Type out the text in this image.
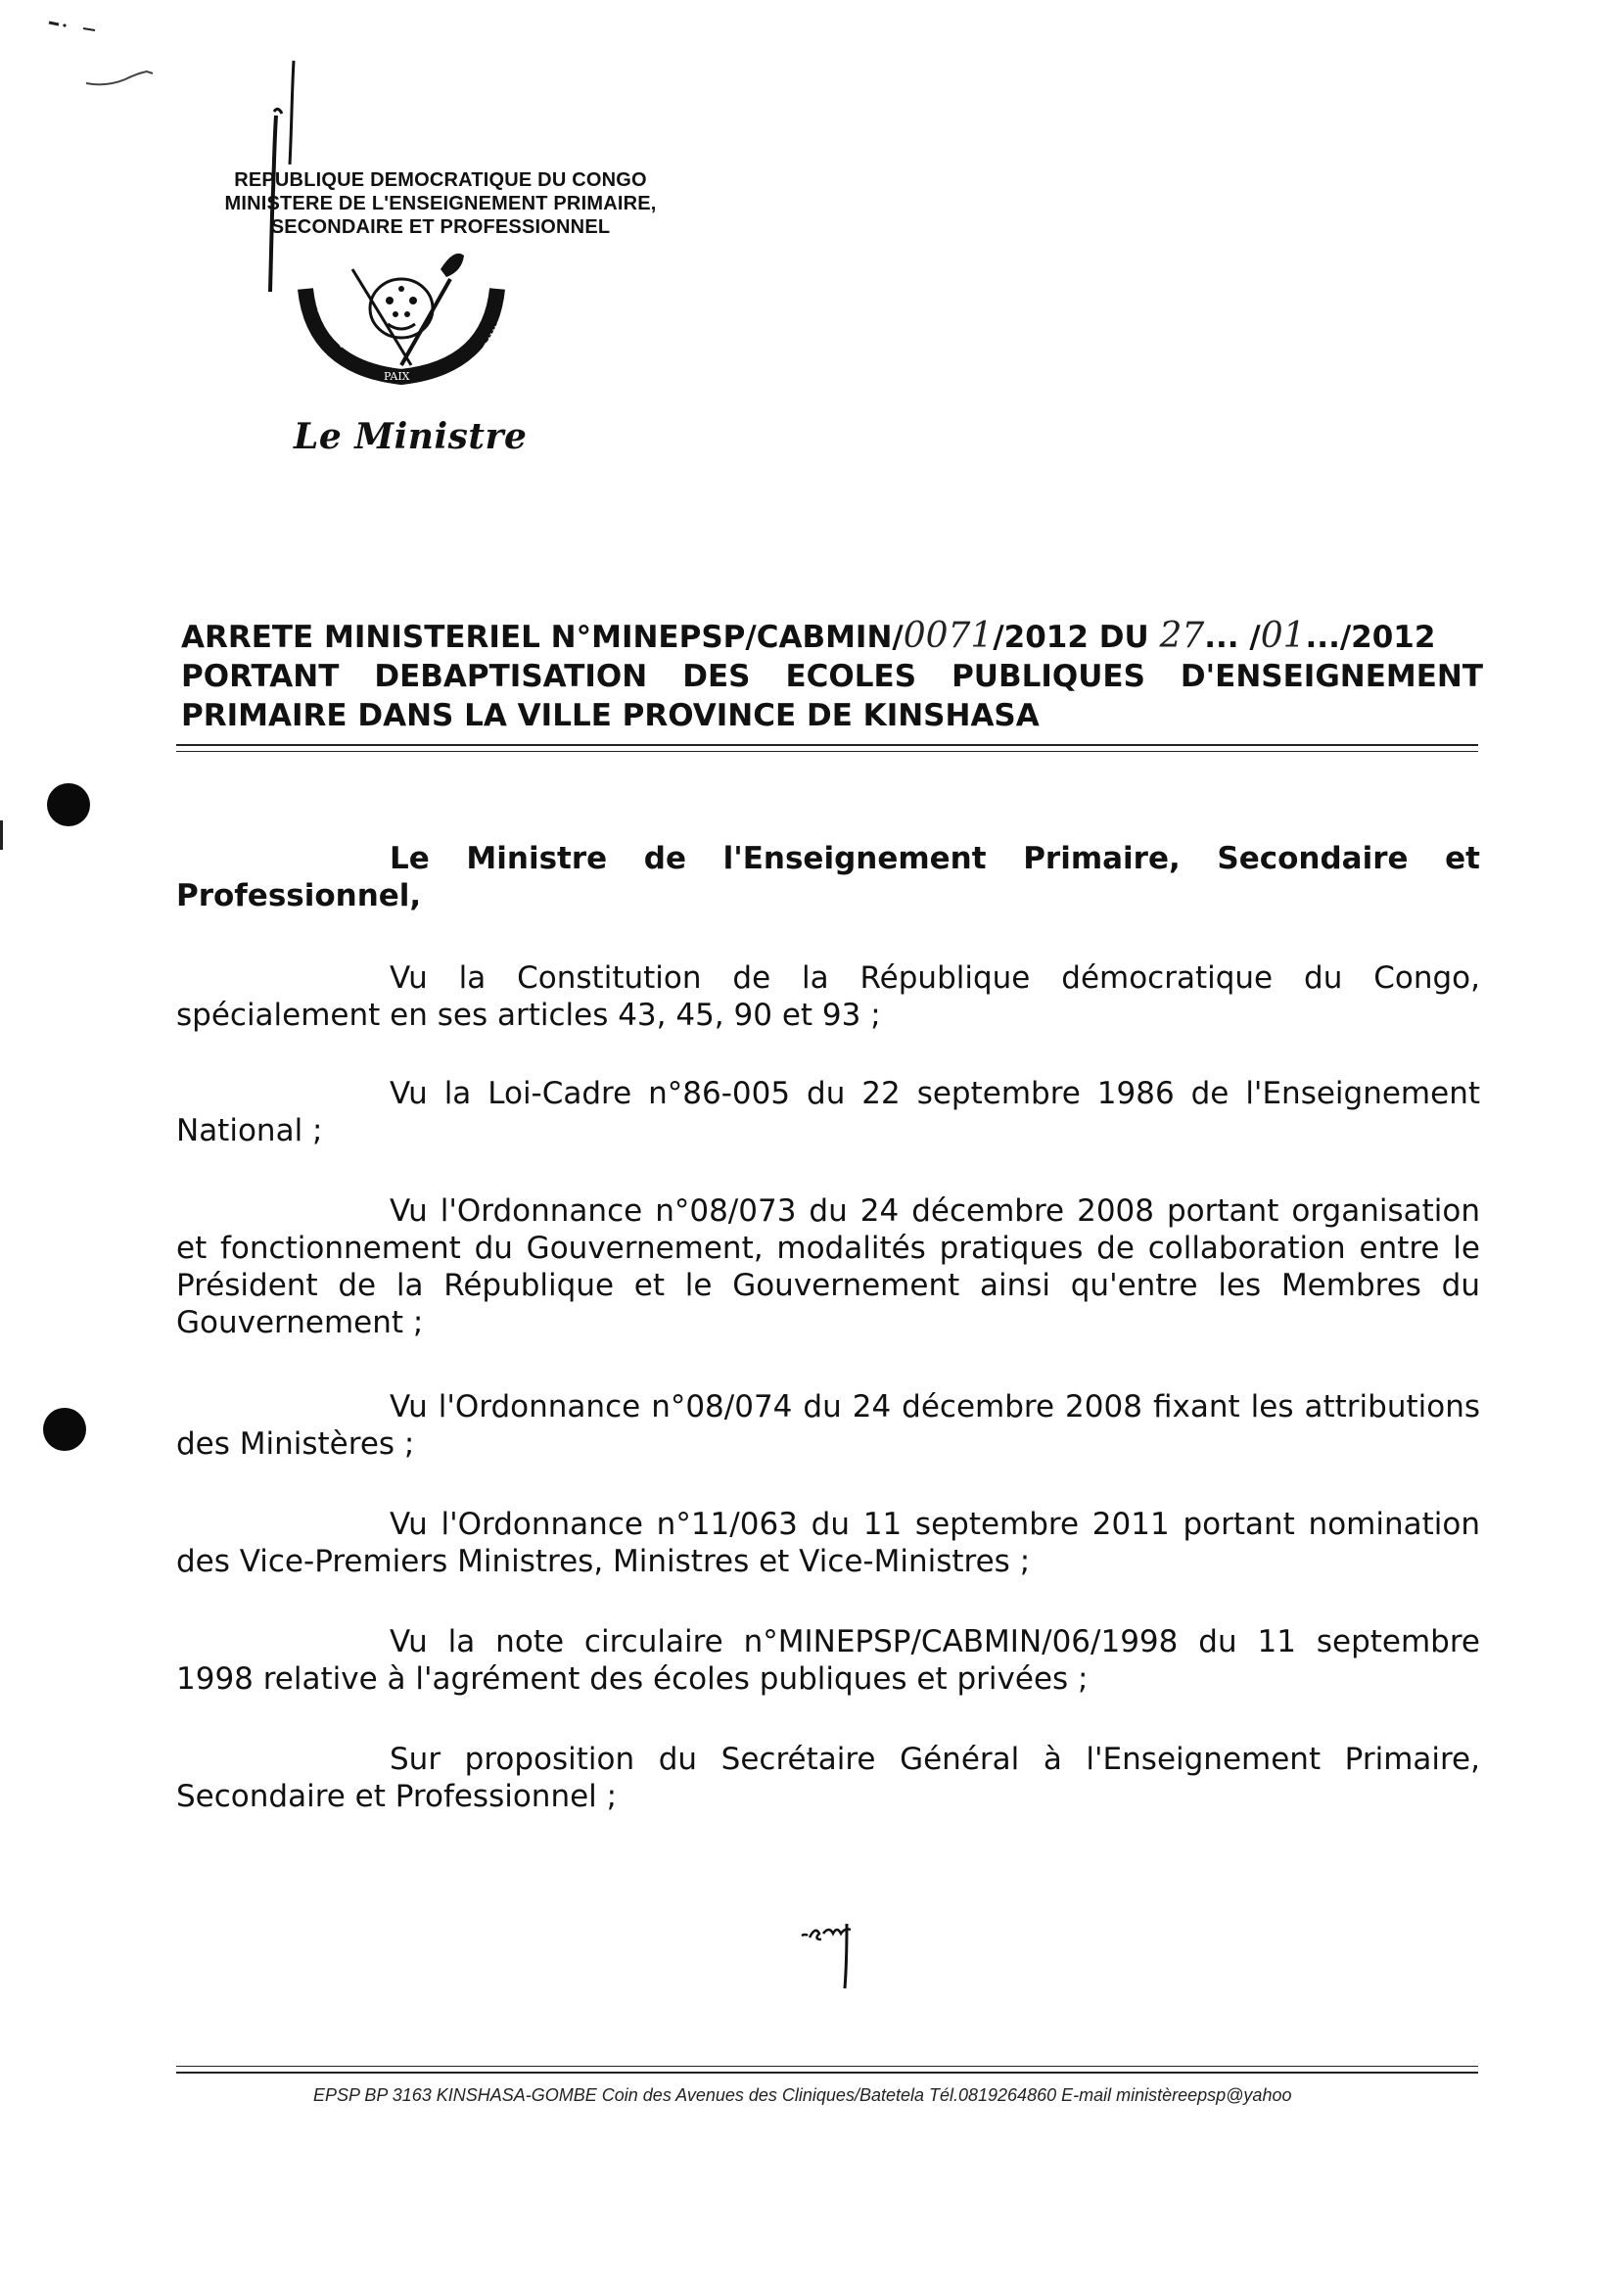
REPUBLIQUE DEMOCRATIQUE DU CONGO
MINISTERE DE L'ENSEIGNEMENT PRIMAIRE,
SECONDAIRE ET PROFESSIONNEL
JUSTICE
PAIX
TRAVAIL
Le Ministre
ARRETE MINISTERIEL N°MINEPSP/CABMIN/0071/2012 DU 27... /01.../2012
PORTANT DEBAPTISATION DES ECOLES PUBLIQUES D'ENSEIGNEMENT
PRIMAIRE DANS LA VILLE PROVINCE DE KINSHASA
Le Ministre de l'Enseignement Primaire, Secondaire et Professionnel,
Vu la Constitution de la République démocratique du Congo, spécialement en ses articles 43, 45, 90 et 93 ;
Vu la Loi-Cadre n°86-005 du 22 septembre 1986 de l'Enseignement National ;
Vu l'Ordonnance n°08/073 du 24 décembre 2008 portant organisation et fonctionnement du Gouvernement, modalités pratiques de collaboration entre le Président de la République et le Gouvernement ainsi qu'entre les Membres du Gouvernement ;
Vu l'Ordonnance n°08/074 du 24 décembre 2008 fixant les attributions des Ministères ;
Vu l'Ordonnance n°11/063 du 11 septembre 2011 portant nomination des Vice-Premiers Ministres, Ministres et Vice-Ministres ;
Vu la note circulaire n°MINEPSP/CABMIN/06/1998 du 11 septembre 1998 relative à l'agrément des écoles publiques et privées ;
Sur proposition du Secrétaire Général à l'Enseignement Primaire, Secondaire et Professionnel ;
EPSP BP 3163 KINSHASA-GOMBE Coin des Avenues des Cliniques/Batetela Tél.0819264860 E-mail ministèreepsp@yahoo
